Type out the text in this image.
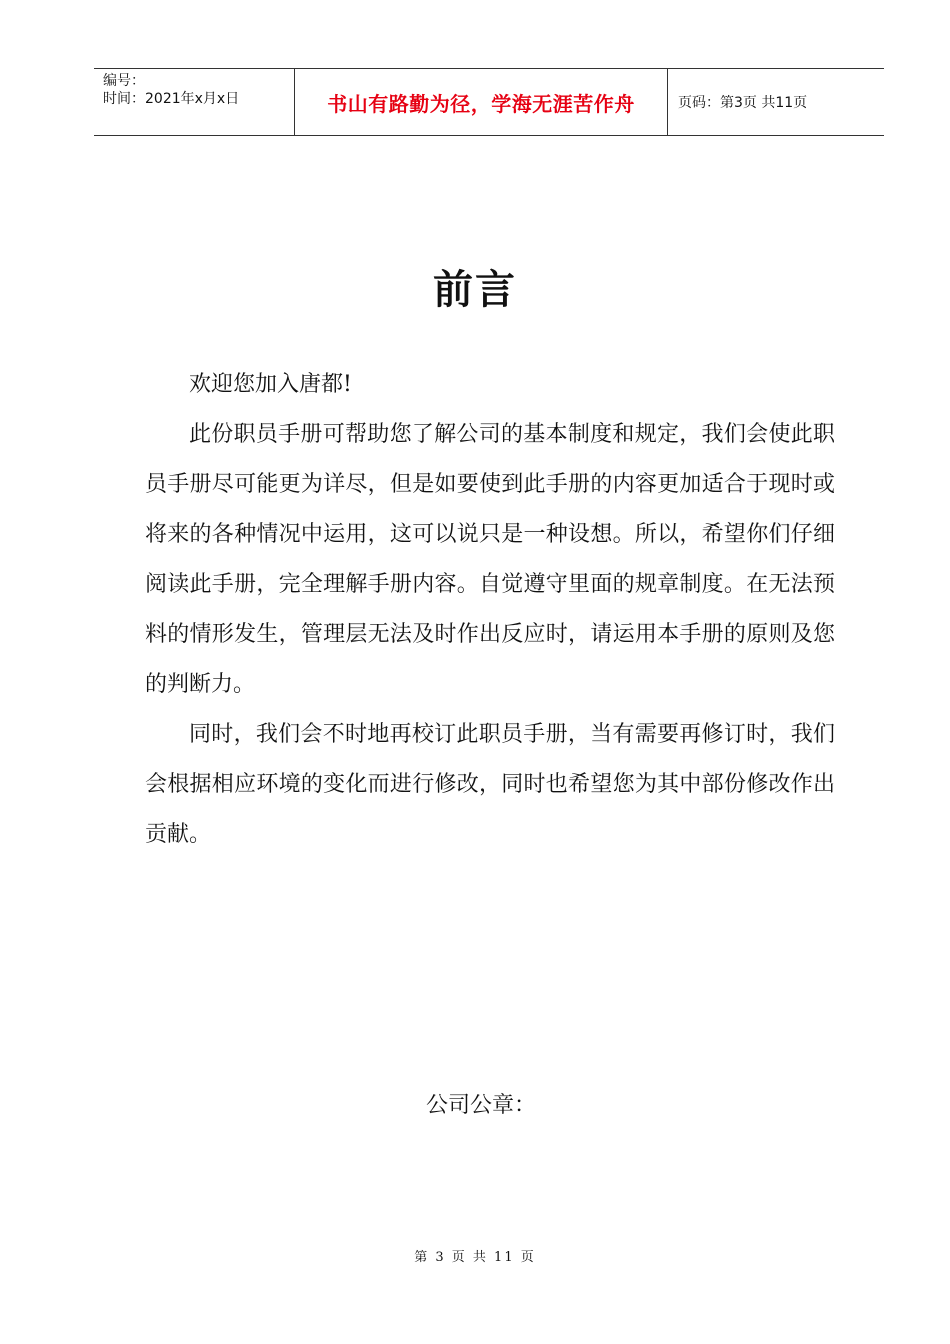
编号：
时间：2021年x月x日	书山有路勤为径，学海无涯苦作舟	页码：第3页 共11页
前言

欢迎您加入唐都!

此份职员手册可帮助您了解公司的基本制度和规定，我们会使此职员手册尽可能更为详尽，但是如要使到此手册的内容更加适合于现时或将来的各种情况中运用，这可以说只是一种设想。所以，希望你们仔细阅读此手册，完全理解手册内容。自觉遵守里面的规章制度。在无法预料的情形发生，管理层无法及时作出反应时，请运用本手册的原则及您的判断力。

同时，我们会不时地再校订此职员手册，当有需要再修订时，我们会根据相应环境的变化而进行修改，同时也希望您为其中部份修改作出贡献。

公司公章：
第 3 页 共 11 页
